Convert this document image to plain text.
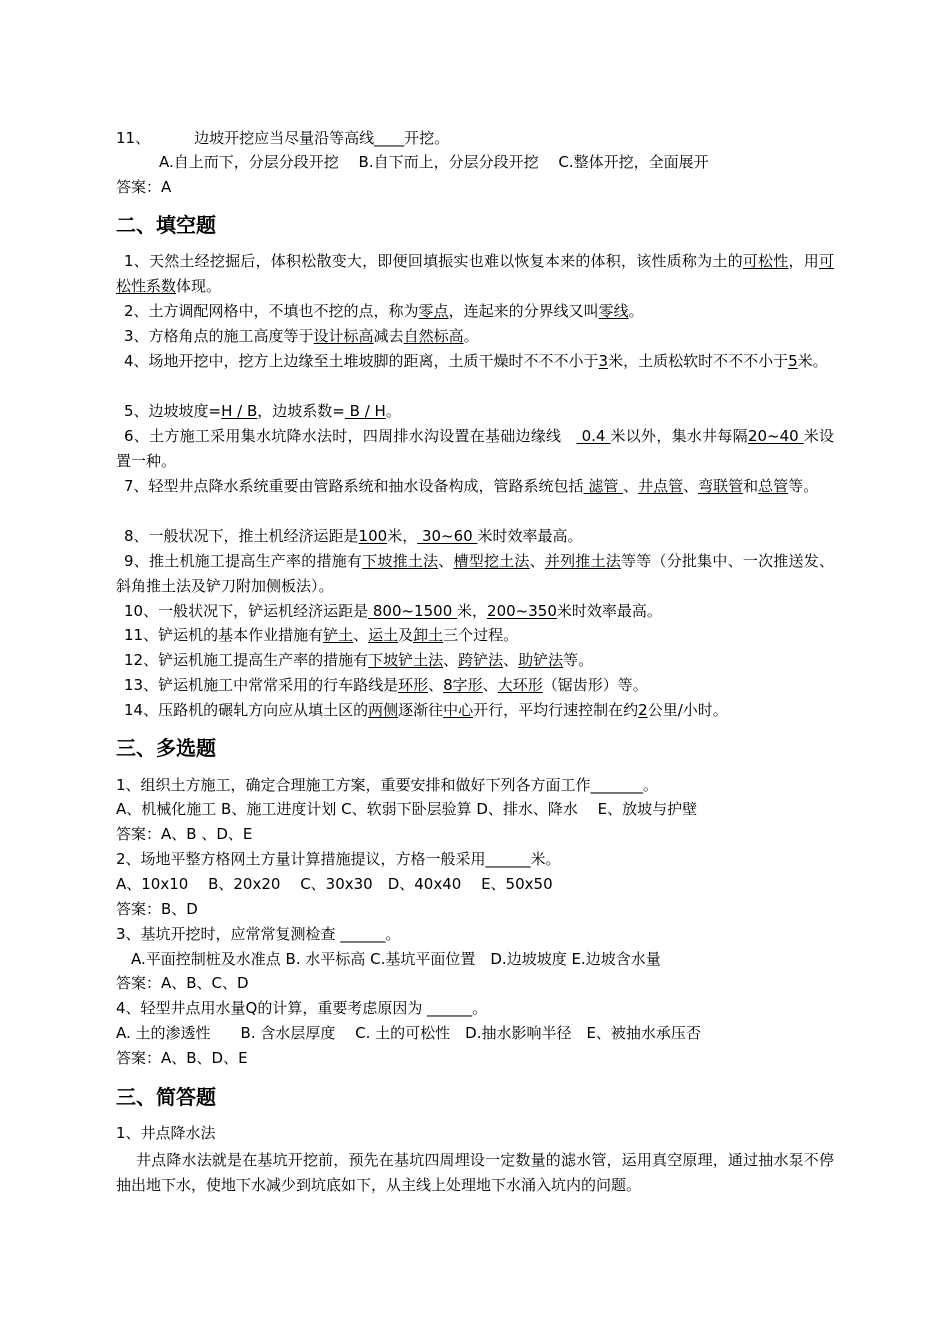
11、	边坡开挖应当尽量沿等高线____开挖。
A.自上而下，分层分段开挖　 B.自下而上，分层分段开挖　 C.整体开挖，全面展开
答案：A
二、填空题
1、天然土经挖掘后，体积松散变大，即便回填振实也难以恢复本来的体积，该性质称为土的可松性，用可松性系数体现。
2、土方调配网格中，不填也不挖的点，称为零点，连起来的分界线又叫零线。
3、方格角点的施工高度等于设计标高减去自然标高。
4、场地开挖中，挖方上边缘至土堆坡脚的距离，土质干燥时不不不小于3米，土质松软时不不不小于5米。
5、边坡坡度=H / B，边坡系数= B / H。
6、土方施工采用集水坑降水法时，四周排水沟设置在基础边缘线　 0.4 米以外，集水井每隔20~40 米设置一种。
7、轻型井点降水系统重要由管路系统和抽水设备构成，管路系统包括 滤管 、井点管、弯联管和总管等。
8、一般状况下，推土机经济运距是100米， 30~60 米时效率最高。
9、推土机施工提高生产率的措施有下坡推土法、槽型挖土法、并列推土法等等（分批集中、一次推送发、斜角推土法及铲刀附加侧板法）。
10、一般状况下，铲运机经济运距是 800~1500 米，200~350米时效率最高。
11、铲运机的基本作业措施有铲土、运土及卸土三个过程。
12、铲运机施工提高生产率的措施有下坡铲土法、跨铲法、助铲法等。
13、铲运机施工中常常采用的行车路线是环形、8字形、大环形（锯齿形）等。
14、压路机的碾轧方向应从填土区的两侧逐渐往中心开行，平均行速控制在约2公里/小时。
三、多选题
1、组织土方施工，确定合理施工方案，重要安排和做好下列各方面工作_______。
A、机械化施工 B、施工进度计划 C、软弱下卧层验算 D、排水、降水　 E、放坡与护壁
答案：A、B 、D、E
2、场地平整方格网土方量计算措施提议，方格一般采用______米。
A、10x10　 B、20x20 　C、30x30　D、40x40　 E、50x50
答案：B、D
3、基坑开挖时，应常常复测检查 ______。
A.平面控制桩及水准点 B. 水平标高 C.基坑平面位置　D.边坡坡度 E.边坡含水量
答案：A、B、C、D
4、轻型井点用水量Q的计算，重要考虑原因为 ______。
A. 土的渗透性　　B. 含水层厚度　 C. 土的可松性　D.抽水影响半径　E、被抽水承压否
答案：A、B、D、E
三、简答题
1、井点降水法
井点降水法就是在基坑开挖前，预先在基坑四周埋设一定数量的滤水管，运用真空原理，通过抽水泵不停抽出地下水，使地下水减少到坑底如下，从主线上处理地下水涌入坑内的问题。
